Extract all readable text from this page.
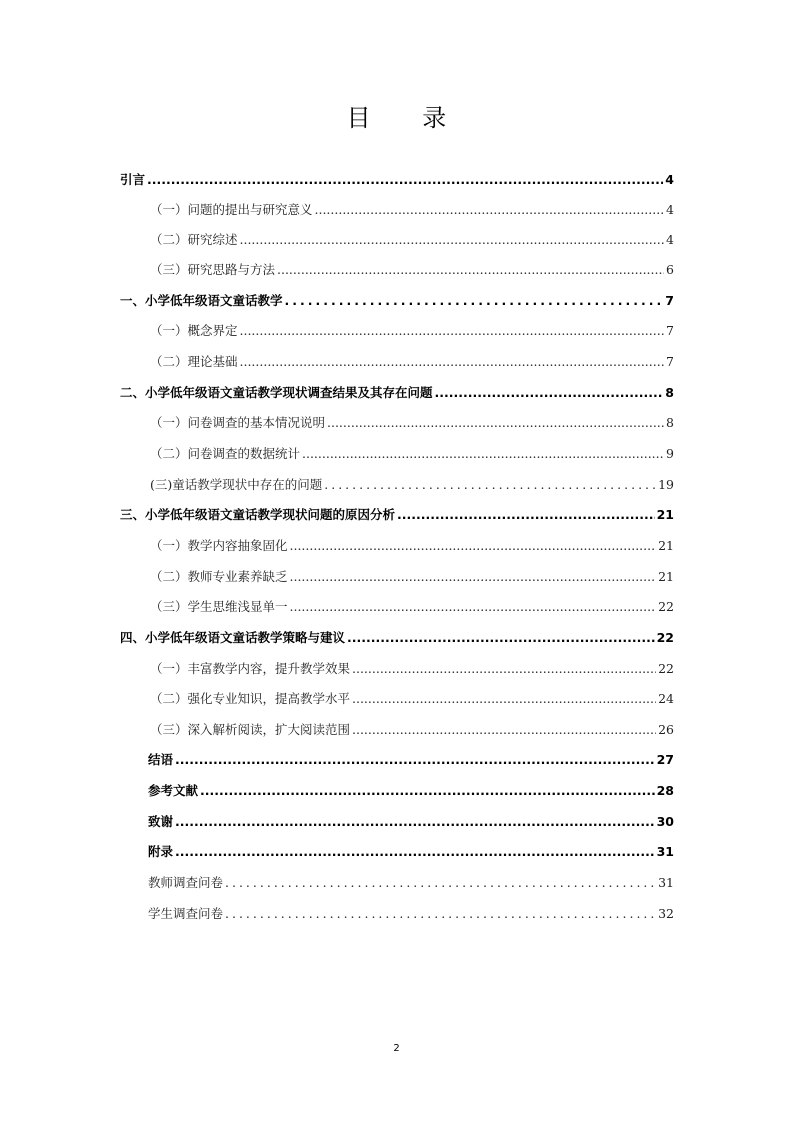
目 录
引言 .....	4
（一）问题的提出与研究意义 .....	4
（二）研究综述 .....	4
（三）研究思路与方法 .....	6
一、小学低年级语文童话教学 .....	7
（一）概念界定 .....	7
（二）理论基础 .....	7
二、小学低年级语文童话教学现状调查结果及其存在问题 .....	8
（一）问卷调查的基本情况说明 .....	8
（二）问卷调查的数据统计 .....	9
(三)童话教学现状中存在的问题 .....	19
三、小学低年级语文童话教学现状问题的原因分析 .....	21
（一）教学内容抽象固化 .....	21
（二）教师专业素养缺乏 .....	21
（三）学生思维浅显单一 .....	22
四、小学低年级语文童话教学策略与建议 .....	22
（一）丰富教学内容，提升教学效果 .....	22
（二）强化专业知识，提高教学水平 .....	24
（三）深入解析阅读，扩大阅读范围 .....	26
结语 .....	27
参考文献 .....	28
致谢 .....	30
附录 .....	31
教师调查问卷 .....	31
学生调查问卷 .....	32
2
